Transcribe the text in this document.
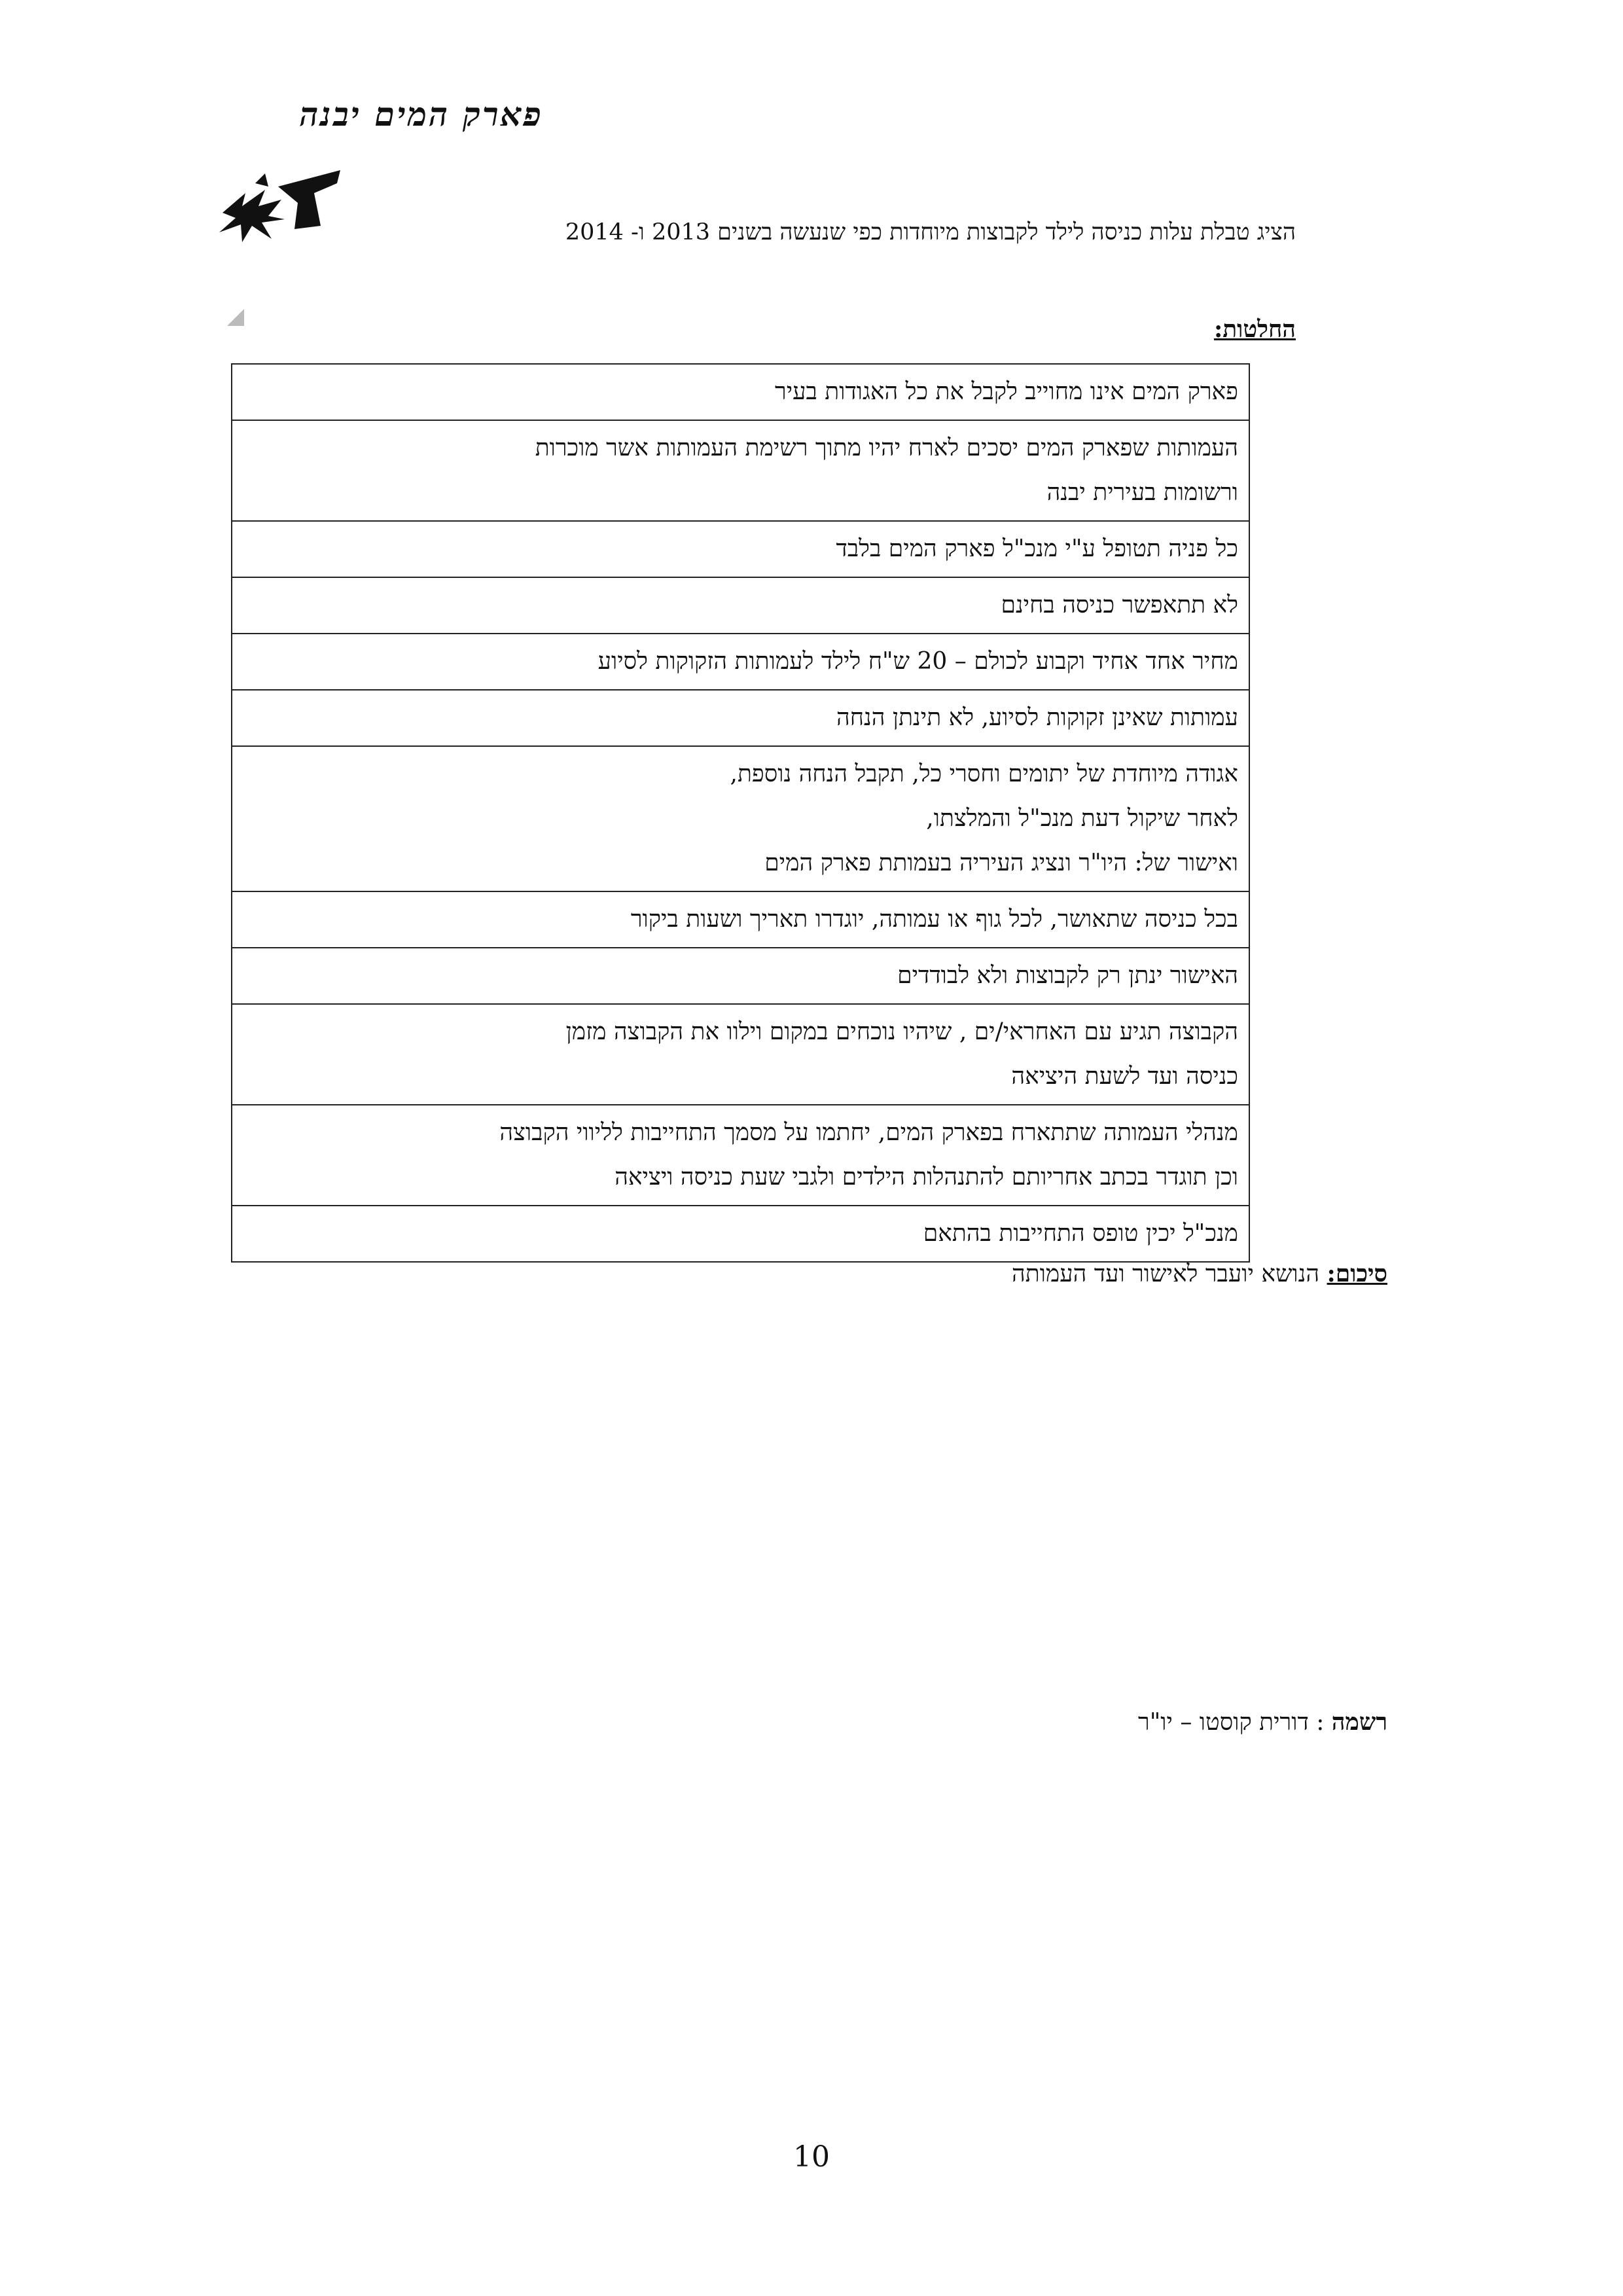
פארק המים יבנה
הציג טבלת עלות כניסה לילד לקבוצות מיוחדות כפי שנעשה בשנים 2013 ו- 2014
החלטות:
פארק המים אינו מחוייב לקבל את כל האגודות בעיר

העמותות שפארק המים יסכים לארח יהיו מתוך רשימת העמותות אשר מוכרות
ורשומות בעירית יבנה

כל פניה תטופל ע"י מנכ"ל פארק המים בלבד

לא תתאפשר כניסה בחינם

מחיר אחד אחיד וקבוע לכולם – 20 ש"ח לילד לעמותות הזקוקות לסיוע

עמותות שאינן זקוקות לסיוע, לא תינתן הנחה

אגודה מיוחדת של יתומים וחסרי כל, תקבל הנחה נוספת,
לאחר שיקול דעת מנכ"ל והמלצתו,
ואישור של: היו"ר ונציג העיריה בעמותת פארק המים

בכל כניסה שתאושר, לכל גוף או עמותה, יוגדרו תאריך ושעות ביקור

האישור ינתן רק לקבוצות ולא לבודדים

הקבוצה תגיע עם האחראי/ים , שיהיו נוכחים במקום וילוו את הקבוצה מזמן
כניסה ועד לשעת היציאה

מנהלי העמותה שתתארח בפארק המים, יחתמו על מסמך התחייבות לליווי הקבוצה
וכן תוגדר בכתב אחריותם להתנהלות הילדים ולגבי שעת כניסה ויציאה

מנכ"ל יכין טופס התחייבות בהתאם
סיכום: הנושא יועבר לאישור ועד העמותה
רשמה : דורית קוסטו – יו"ר
10
